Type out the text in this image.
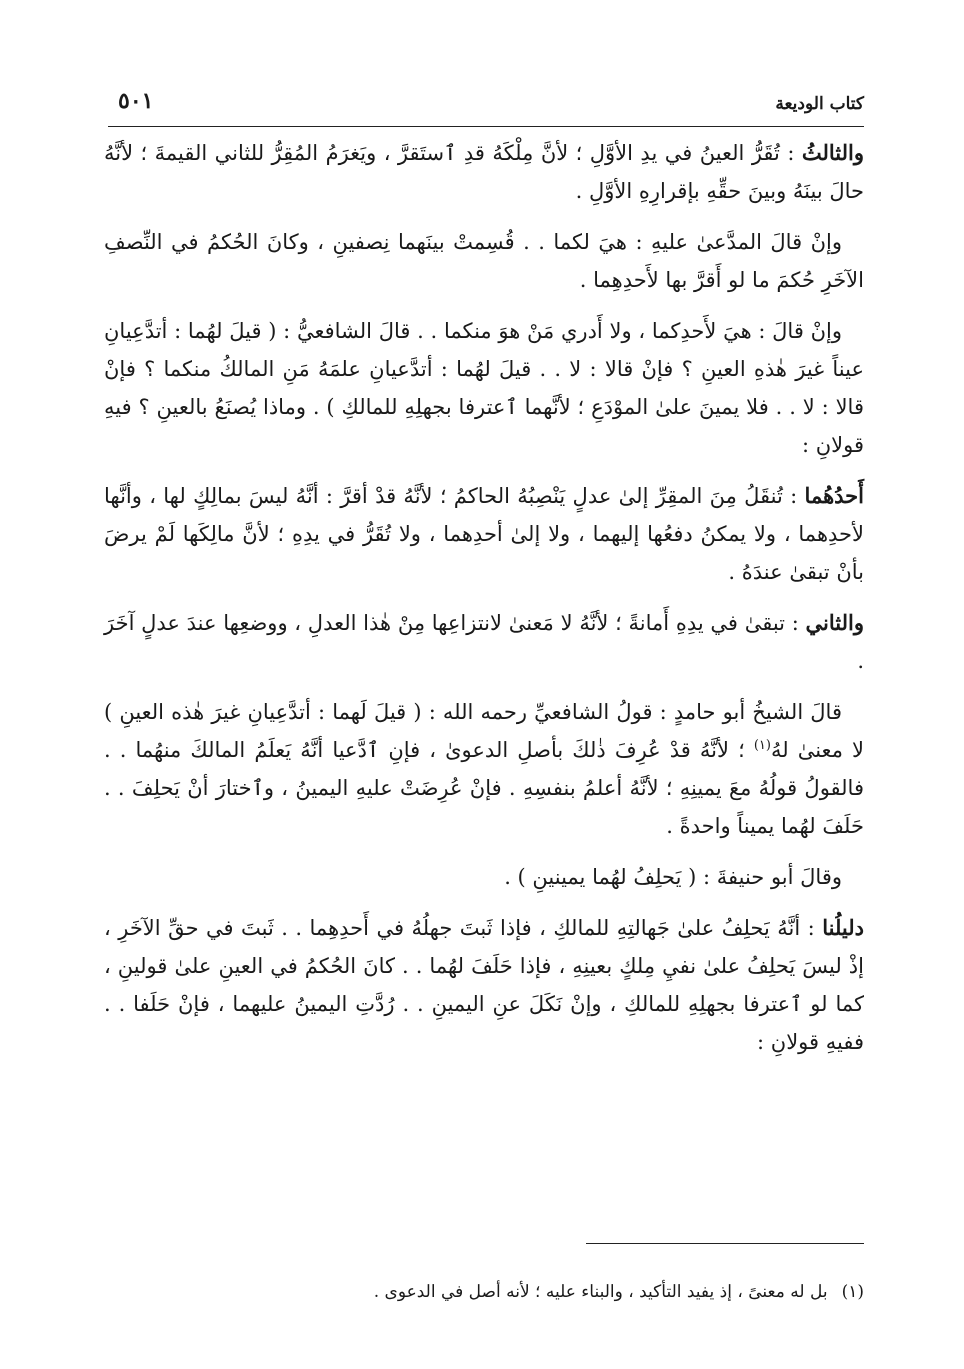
كتاب الوديعة
٥٠١

والثالثُ : تُقَرُّ العينُ في يدِ الأوَّلِ ؛ لأنَّ مِلْكَهُ قدِ ٱستَقرَّ ، ويَغرَمُ المُقِرُّ للثاني القيمةَ ؛ لأنَّهُ حالَ بينَهُ وبينَ حقِّهِ بإقرارِهِ الأوَّلِ .

وإنْ قالَ المدَّعىٰ عليهِ : هيَ لكما . . قُسِمتْ بينَهما نِصفينِ ، وكانَ الحُكمُ في النِّصفِ الآخَرِ حُكمَ ما لو أَقرَّ بها لأَحدِهِما .

وإنْ قالَ : هيَ لأَحدِكما ، ولا أَدري مَنْ هوَ منكما . . قالَ الشافعيُّ : ( قيلَ لهُما : أتدَّعِيانِ عيناً غيرَ هٰذهِ العينِ ؟ فإنْ قالا : لا . . قيلَ لهُما : أتدَّعيانِ علمَهُ مَنِ المالكُ منكما ؟ فإنْ قالا : لا . . فلا يمينَ علىٰ الموْدَعِ ؛ لأنَّهما ٱعترفا بجهلِهِ للمالكِ ) . وماذا يُصنَعُ بالعينِ ؟ فيهِ قولانِ :

أَحدُهُما : تُنقَلُ مِنَ المقِرِّ إلىٰ عدلٍ يَنْصِبُهُ الحاكمُ ؛ لأنَّهُ قدْ أقرَّ : أنَّهُ ليسَ بمالِكٍ لها ، وأنَّها لأحدِهما ، ولا يمكنُ دفعُها إليهما ، ولا إلىٰ أحدِهما ، ولا تُقَرُّ في يدِهِ ؛ لأنَّ مالِكَها لَمْ يرضَ بأنْ تبقىٰ عندَهُ .

والثاني : تبقىٰ في يدِهِ أَمانةً ؛ لأنَّهُ لا مَعنىٰ لانتزاعِها مِنْ هٰذا العدلِ ، ووضعِها عندَ عدلٍ آخَرَ .

قالَ الشيخُ أبو حامدٍ : قولُ الشافعيِّ رحمه الله : ( قيلَ لَهما : أتدَّعِيانِ غيرَ هٰذه العينِ ) لا معنىٰ لهُ$^{(١)}$ ؛ لأنَّهُ قدْ عُرِفَ ذٰلكَ بأصلِ الدعوىٰ ، فإنِ ٱدَّعيا أنَّهُ يَعلَمُ المالكَ منهُما . . فالقولُ قولُهُ معَ يمينِهِ ؛ لأنَّهُ أعلمُ بنفسِهِ . فإنْ عُرِضَتْ عليهِ اليمينُ ، وٱختارَ أنْ يَحلِفَ . . حَلَفَ لهُما يميناً واحدةً .

وقالَ أبو حنيفةَ : ( يَحلِفُ لهُما يمينينِ ) .

دليلُنا : أنَّهُ يَحلِفُ علىٰ جَهالتِهِ للمالكِ ، فإذا ثَبتَ جهلُهُ في أَحدِهِما . . ثَبتَ في حقِّ الآخَرِ ، إذْ ليسَ يَحلِفُ علىٰ نفيِ مِلكٍ بعينِهِ ، فإذا حَلَفَ لهُما . . كانَ الحُكمُ في العينِ علىٰ قولينِ ، كما لو ٱعترفا بجهلِهِ للمالكِ ، وإنْ نَكَلَ عنِ اليمينِ . . رُدَّتِ اليمينُ عليهما ، فإنْ حَلَفا . . ففيهِ قولانِ :

(١)بل له معنىً ، إذ يفيد التأكيد ، والبناء عليه ؛ لأنه أصل في الدعوى .
